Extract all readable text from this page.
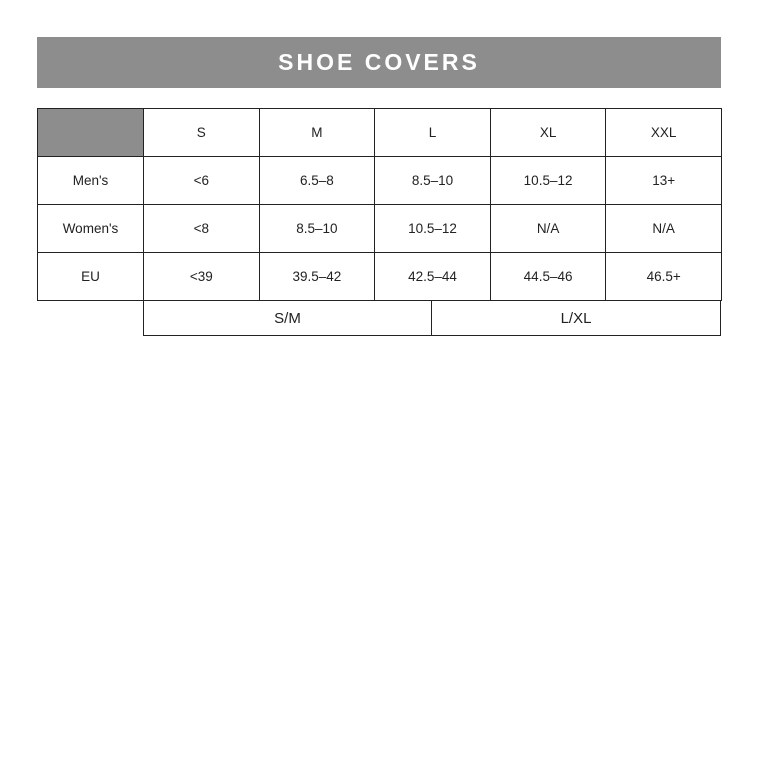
SHOE COVERS
	S	M	L	XL	XXL
Men's	<6	6.5–8	8.5–10	10.5–12	13+
Women's	<8	8.5–10	10.5–12	N/A	N/A
EU	<39	39.5–42	42.5–44	44.5–46	46.5+
S/M	L/XL
